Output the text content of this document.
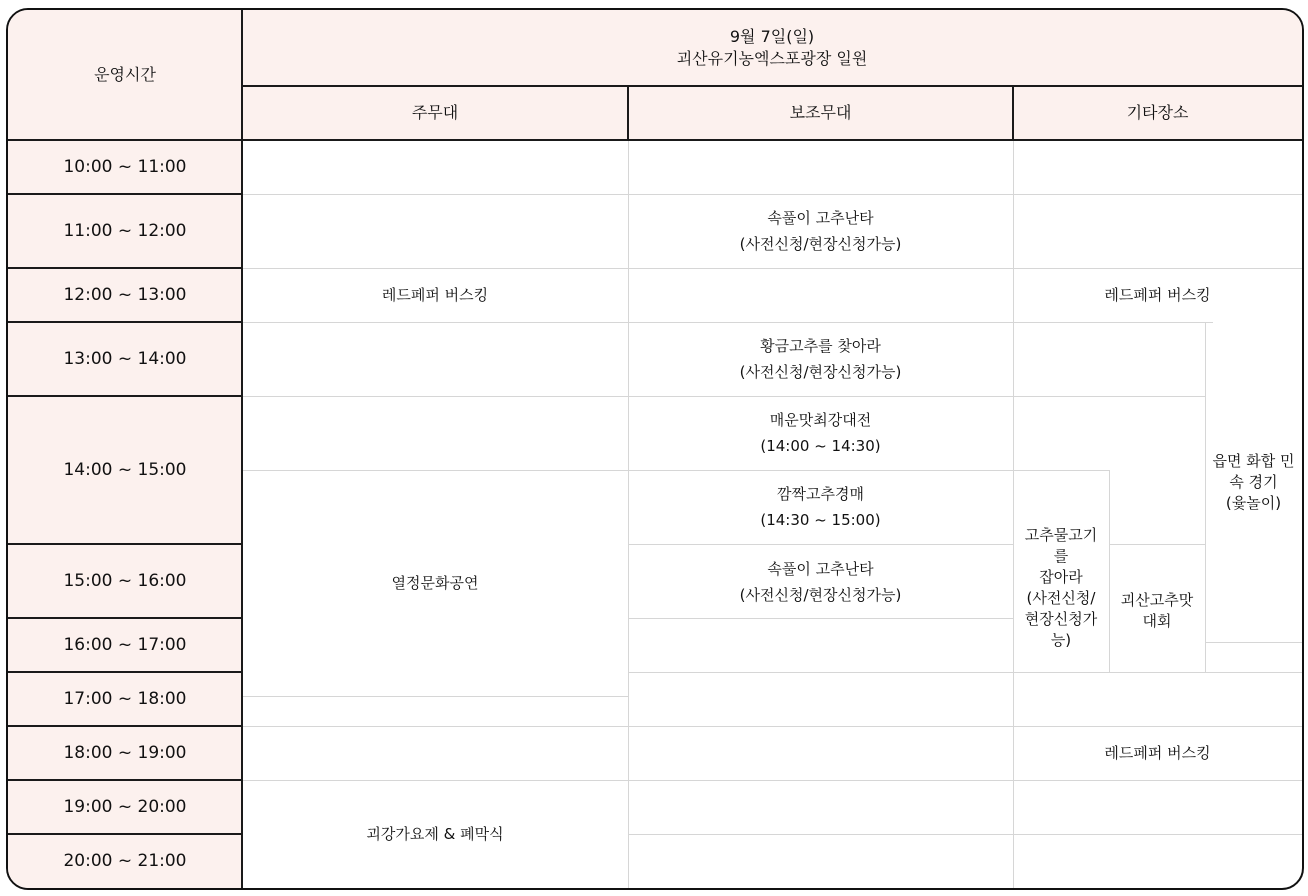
운영시간
9월 7일(일)
괴산유기농엑스포광장 일원
주무대	보조무대	기타장소
10:00 ~ 11:00
11:00 ~ 12:00
12:00 ~ 13:00
13:00 ~ 14:00
14:00 ~ 15:00
15:00 ~ 16:00
16:00 ~ 17:00
17:00 ~ 18:00
18:00 ~ 19:00
19:00 ~ 20:00
20:00 ~ 21:00
레드페퍼 버스킹
열정문화공연
괴강가요제 & 폐막식
속풀이 고추난타
(사전신청/현장신청가능)
황금고추를 찾아라
(사전신청/현장신청가능)
매운맛최강대전
(14:00 ~ 14:30)
깜짝고추경매
(14:30 ~ 15:00)
속풀이 고추난타
(사전신청/현장신청가능)
레드페퍼 버스킹
고추물고기
를
잡아라
(사전신청/
현장신청가
능)
괴산고추맛
대회
읍면 화합 민
속 경기
(윷놀이)
레드페퍼 버스킹
